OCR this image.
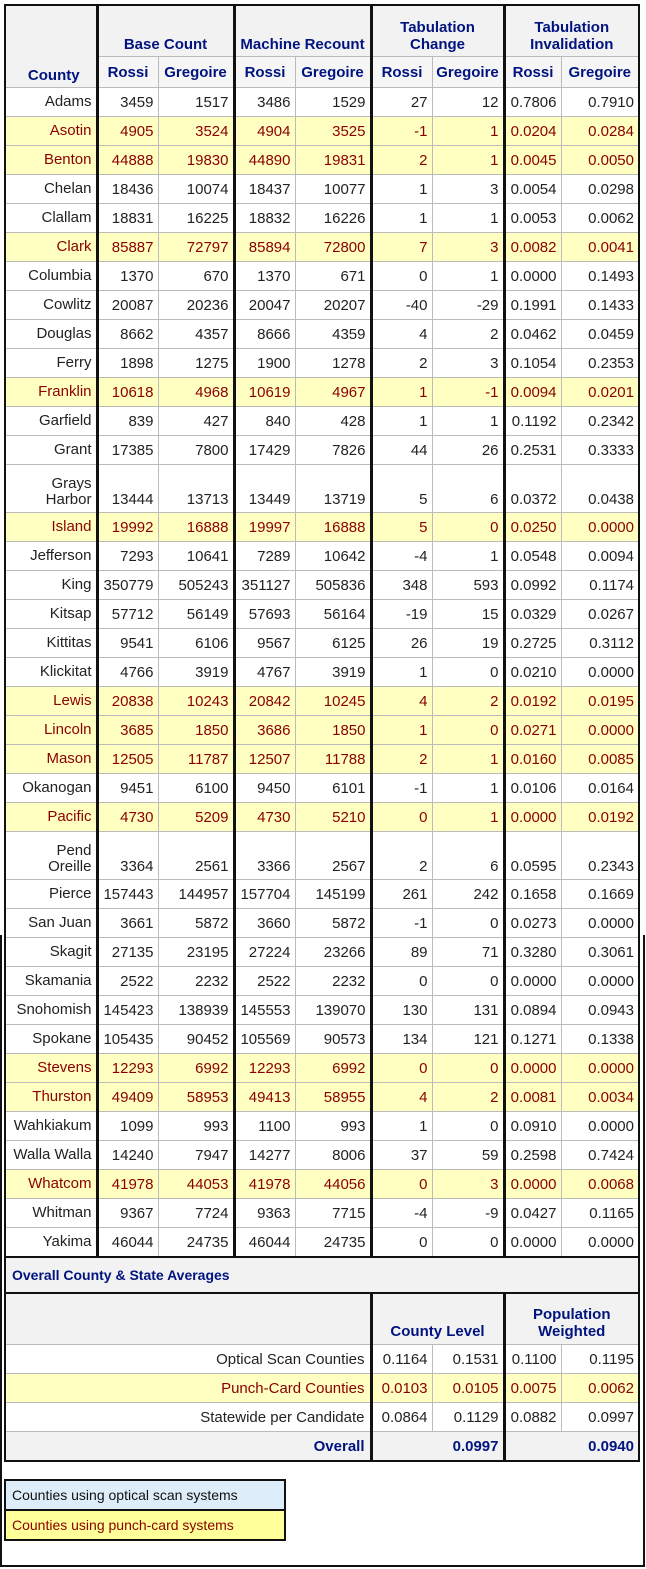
County	Base Count		Machine Recount		Tabulation Change		Tabulation Invalidation	
	Rossi	Gregoire	Rossi	Gregoire	Rossi	Gregoire	Rossi	Gregoire
Adams	3459	1517	3486	1529	27	12	0.7806	0.7910
Asotin	4905	3524	4904	3525	-1	1	0.0204	0.0284
Benton	44888	19830	44890	19831	2	1	0.0045	0.0050
Chelan	18436	10074	18437	10077	1	3	0.0054	0.0298
Clallam	18831	16225	18832	16226	1	1	0.0053	0.0062
Clark	85887	72797	85894	72800	7	3	0.0082	0.0041
Columbia	1370	670	1370	671	0	1	0.0000	0.1493
Cowlitz	20087	20236	20047	20207	-40	-29	0.1991	0.1433
Douglas	8662	4357	8666	4359	4	2	0.0462	0.0459
Ferry	1898	1275	1900	1278	2	3	0.1054	0.2353
Franklin	10618	4968	10619	4967	1	-1	0.0094	0.0201
Garfield	839	427	840	428	1	1	0.1192	0.2342
Grant	17385	7800	17429	7826	44	26	0.2531	0.3333
Grays Harbor	13444	13713	13449	13719	5	6	0.0372	0.0438
Island	19992	16888	19997	16888	5	0	0.0250	0.0000
Jefferson	7293	10641	7289	10642	-4	1	0.0548	0.0094
King	350779	505243	351127	505836	348	593	0.0992	0.1174
Kitsap	57712	56149	57693	56164	-19	15	0.0329	0.0267
Kittitas	9541	6106	9567	6125	26	19	0.2725	0.3112
Klickitat	4766	3919	4767	3919	1	0	0.0210	0.0000
Lewis	20838	10243	20842	10245	4	2	0.0192	0.0195
Lincoln	3685	1850	3686	1850	1	0	0.0271	0.0000
Mason	12505	11787	12507	11788	2	1	0.0160	0.0085
Okanogan	9451	6100	9450	6101	-1	1	0.0106	0.0164
Pacific	4730	5209	4730	5210	0	1	0.0000	0.0192
Pend Oreille	3364	2561	3366	2567	2	6	0.0595	0.2343
Pierce	157443	144957	157704	145199	261	242	0.1658	0.1669
San Juan	3661	5872	3660	5872	-1	0	0.0273	0.0000
Skagit	27135	23195	27224	23266	89	71	0.3280	0.3061
Skamania	2522	2232	2522	2232	0	0	0.0000	0.0000
Snohomish	145423	138939	145553	139070	130	131	0.0894	0.0943
Spokane	105435	90452	105569	90573	134	121	0.1271	0.1338
Stevens	12293	6992	12293	6992	0	0	0.0000	0.0000
Thurston	49409	58953	49413	58955	4	2	0.0081	0.0034
Wahkiakum	1099	993	1100	993	1	0	0.0910	0.0000
Walla Walla	14240	7947	14277	8006	37	59	0.2598	0.7424
Whatcom	41978	44053	41978	44056	0	3	0.0000	0.0068
Whitman	9367	7724	9363	7715	-4	-9	0.0427	0.1165
Yakima	46044	24735	46044	24735	0	0	0.0000	0.0000
Overall County & State Averages								
					County Level		Population Weighted	
Optical Scan Counties					0.1164	0.1531	0.1100	0.1195
Punch-Card Counties					0.0103	0.0105	0.0075	0.0062
Statewide per Candidate					0.0864	0.1129	0.0882	0.0997
Overall					0.0997		0.0940	
Counties using optical scan systems
Counties using punch-card systems
